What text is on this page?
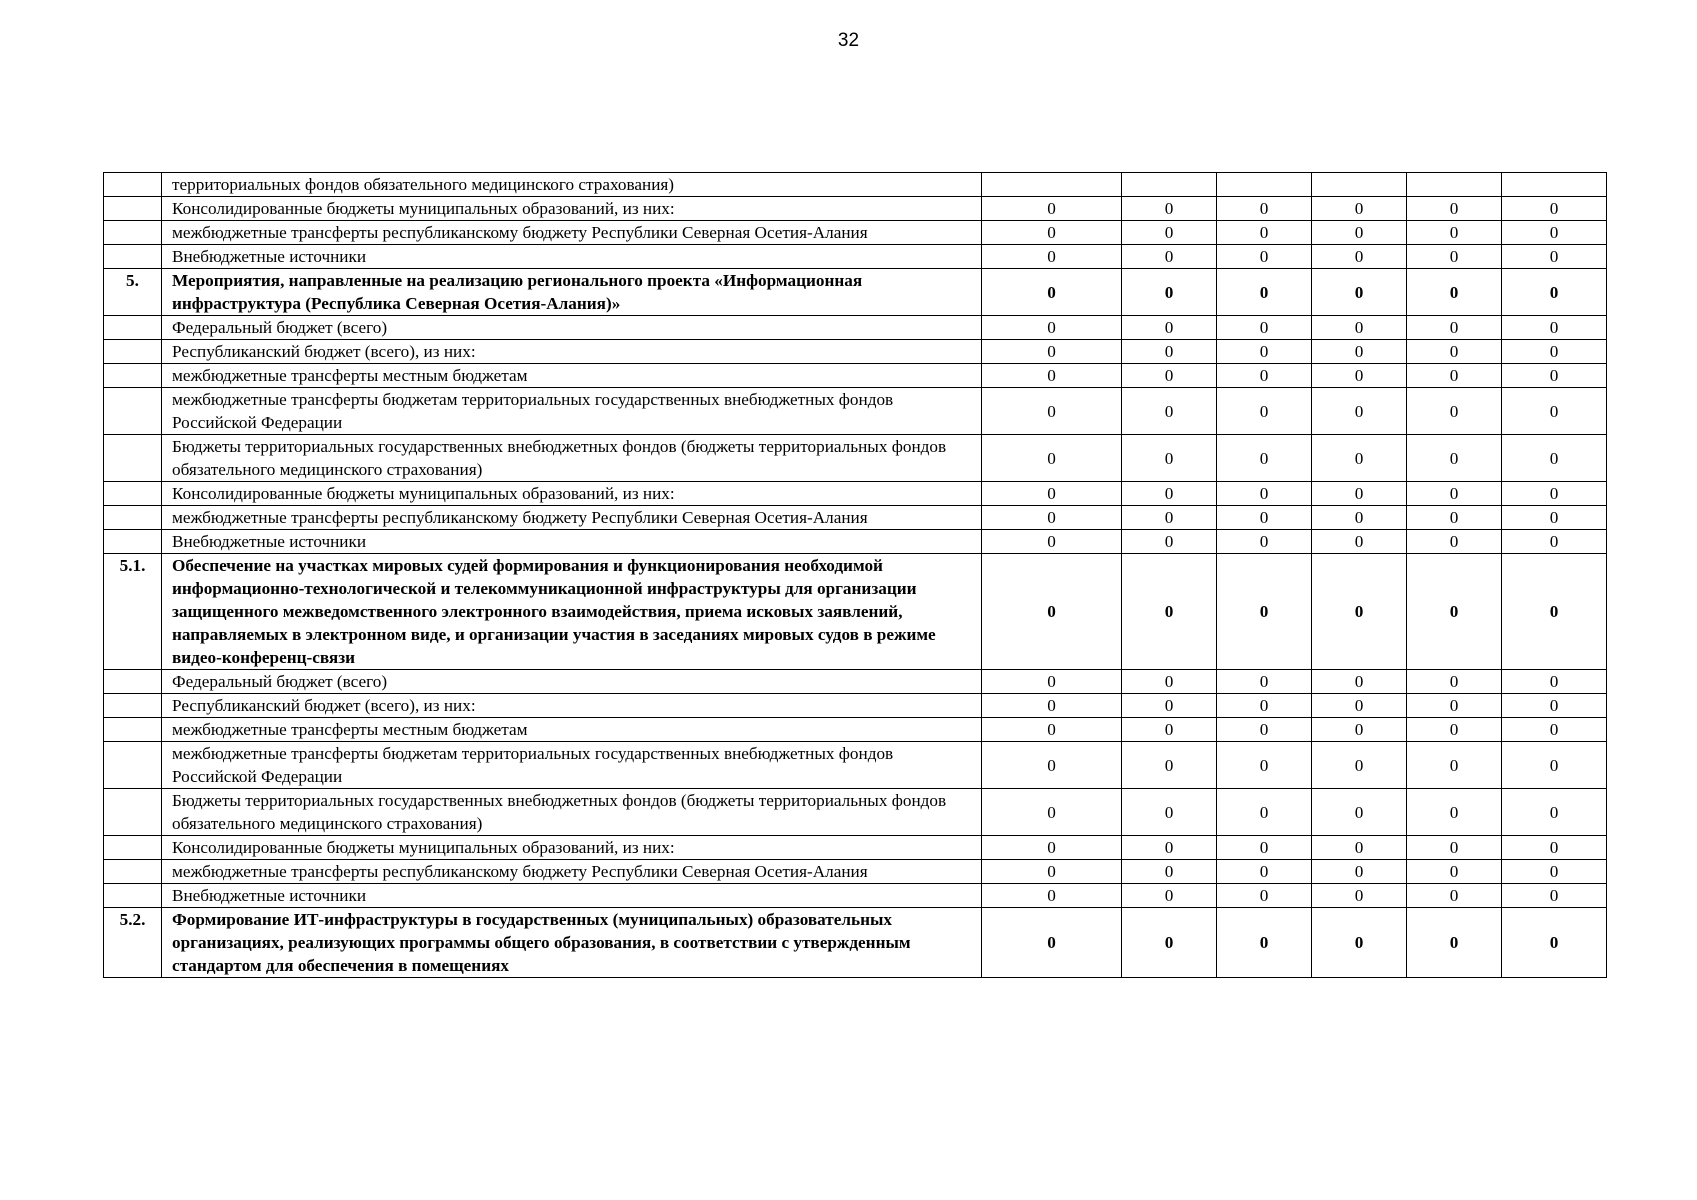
32
	территориальных фондов обязательного медицинского страхования)						
	Консолидированные бюджеты муниципальных образований, из них:	0	0	0	0	0	0
	межбюджетные трансферты республиканскому бюджету Республики Северная Осетия-Алания	0	0	0	0	0	0
	Внебюджетные источники	0	0	0	0	0	0
5.	Мероприятия, направленные на реализацию регионального проекта «Информационная инфраструктура (Республика Северная Осетия-Алания)»	0	0	0	0	0	0
	Федеральный бюджет (всего)	0	0	0	0	0	0
	Республиканский бюджет (всего), из них:	0	0	0	0	0	0
	межбюджетные трансферты местным бюджетам	0	0	0	0	0	0
	межбюджетные трансферты бюджетам территориальных государственных внебюджетных фондов Российской Федерации	0	0	0	0	0	0
	Бюджеты территориальных государственных внебюджетных фондов (бюджеты территориальных фондов обязательного медицинского страхования)	0	0	0	0	0	0
	Консолидированные бюджеты муниципальных образований, из них:	0	0	0	0	0	0
	межбюджетные трансферты республиканскому бюджету Республики Северная Осетия-Алания	0	0	0	0	0	0
	Внебюджетные источники	0	0	0	0	0	0
5.1.	Обеспечение на участках мировых судей формирования и функционирования необходимой информационно-технологической и телекоммуникационной инфраструктуры для организации защищенного межведомственного электронного взаимодействия, приема исковых заявлений, направляемых в электронном виде, и организации участия в заседаниях мировых судов в режиме видео-конференц-связи	0	0	0	0	0	0
	Федеральный бюджет (всего)	0	0	0	0	0	0
	Республиканский бюджет (всего), из них:	0	0	0	0	0	0
	межбюджетные трансферты местным бюджетам	0	0	0	0	0	0
	межбюджетные трансферты бюджетам территориальных государственных внебюджетных фондов Российской Федерации	0	0	0	0	0	0
	Бюджеты территориальных государственных внебюджетных фондов (бюджеты территориальных фондов обязательного медицинского страхования)	0	0	0	0	0	0
	Консолидированные бюджеты муниципальных образований, из них:	0	0	0	0	0	0
	межбюджетные трансферты республиканскому бюджету Республики Северная Осетия-Алания	0	0	0	0	0	0
	Внебюджетные источники	0	0	0	0	0	0
5.2.	Формирование ИТ-инфраструктуры в государственных (муниципальных) образовательных организациях, реализующих программы общего образования, в соответствии с утвержденным стандартом для обеспечения в помещениях	0	0	0	0	0	0
